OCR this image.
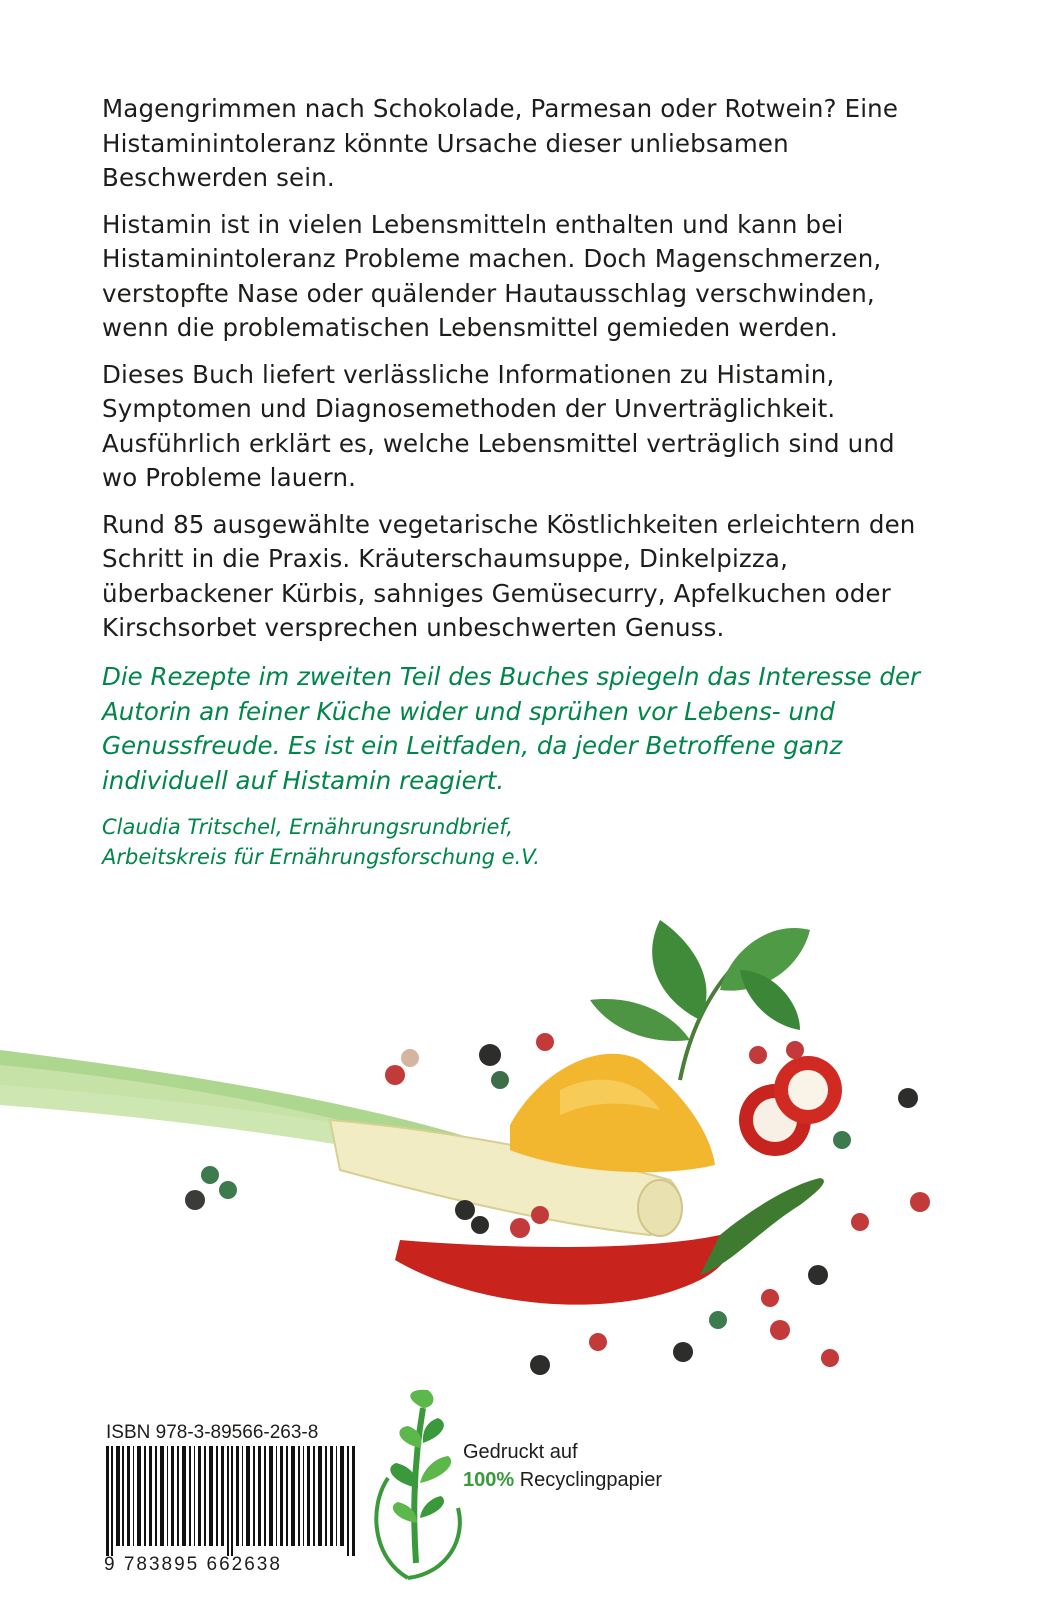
Magengrimmen nach Schokolade, Parmesan oder Rotwein? Eine Histaminintoleranz könnte Ursache dieser unliebsamen Beschwerden sein.

Histamin ist in vielen Lebensmitteln enthalten und kann bei Histaminintoleranz Probleme machen. Doch Magenschmerzen, verstopfte Nase oder quälender Hautausschlag verschwinden, wenn die problematischen Lebensmittel gemieden werden.

Dieses Buch liefert verlässliche Informationen zu Histamin, Symptomen und Diagnosemethoden der Unverträglichkeit. Ausführlich erklärt es, welche Lebensmittel verträglich sind und wo Probleme lauern.

Rund 85 ausgewählte vegetarische Köstlichkeiten erleichtern den Schritt in die Praxis. Kräuterschaumsuppe, Dinkelpizza, überbackener Kürbis, sahniges Gemüsecurry, Apfelkuchen oder Kirschsorbet versprechen unbeschwerten Genuss.

Die Rezepte im zweiten Teil des Buches spiegeln das Interesse der Autorin an feiner Küche wider und sprühen vor Lebens- und Genussfreude. Es ist ein Leitfaden, da jeder Betroffene ganz individuell auf Histamin reagiert.

Claudia Tritschel, Ernährungsrundbrief,
Arbeitskreis für Ernährungsforschung e.V.

ISBN 978-3-89566-263-8
9 783895 662638
Gedruckt auf
100% Recyclingpapier
